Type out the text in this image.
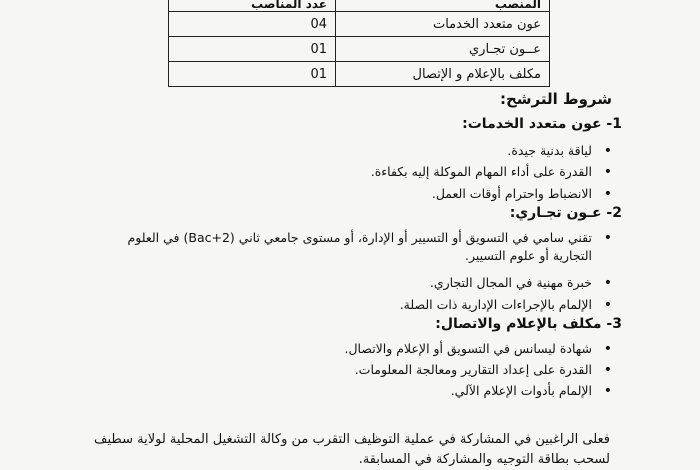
المنصب	عدد المناصب
عون متعدد الخدمات	04
عــون تجـاري	01
مكلف بالإعلام و الإتصال	01
شروط الترشح:
1- عون متعدد الخدمات:
• لياقة بدنية جيدة.
• القدرة على أداء المهام الموكلة إليه بكفاءة.
• الانضباط واحترام أوقات العمل.
2- عـون تجـاري:
• تقني سامي في التسويق أو التسيير أو الإدارة، أو مستوى جامعي ثاني (Bac+2) في العلوم التجارية أو علوم التسيير.
• خبرة مهنية في المجال التجاري.
• الإلمام بالإجراءات الإدارية ذات الصلة.
3- مكلف بالإعلام والاتصال:
• شهادة ليسانس في التسويق أو الإعلام والاتصال.
• القدرة على إعداد التقارير ومعالجة المعلومات.
• الإلمام بأدوات الإعلام الآلي.
فعلى الراغبين في المشاركة في عملية التوظيف التقرب من وكالة التشغيل المحلية لولاية سطيف لسحب بطاقة التوجيه والمشاركة في المسابقة.
